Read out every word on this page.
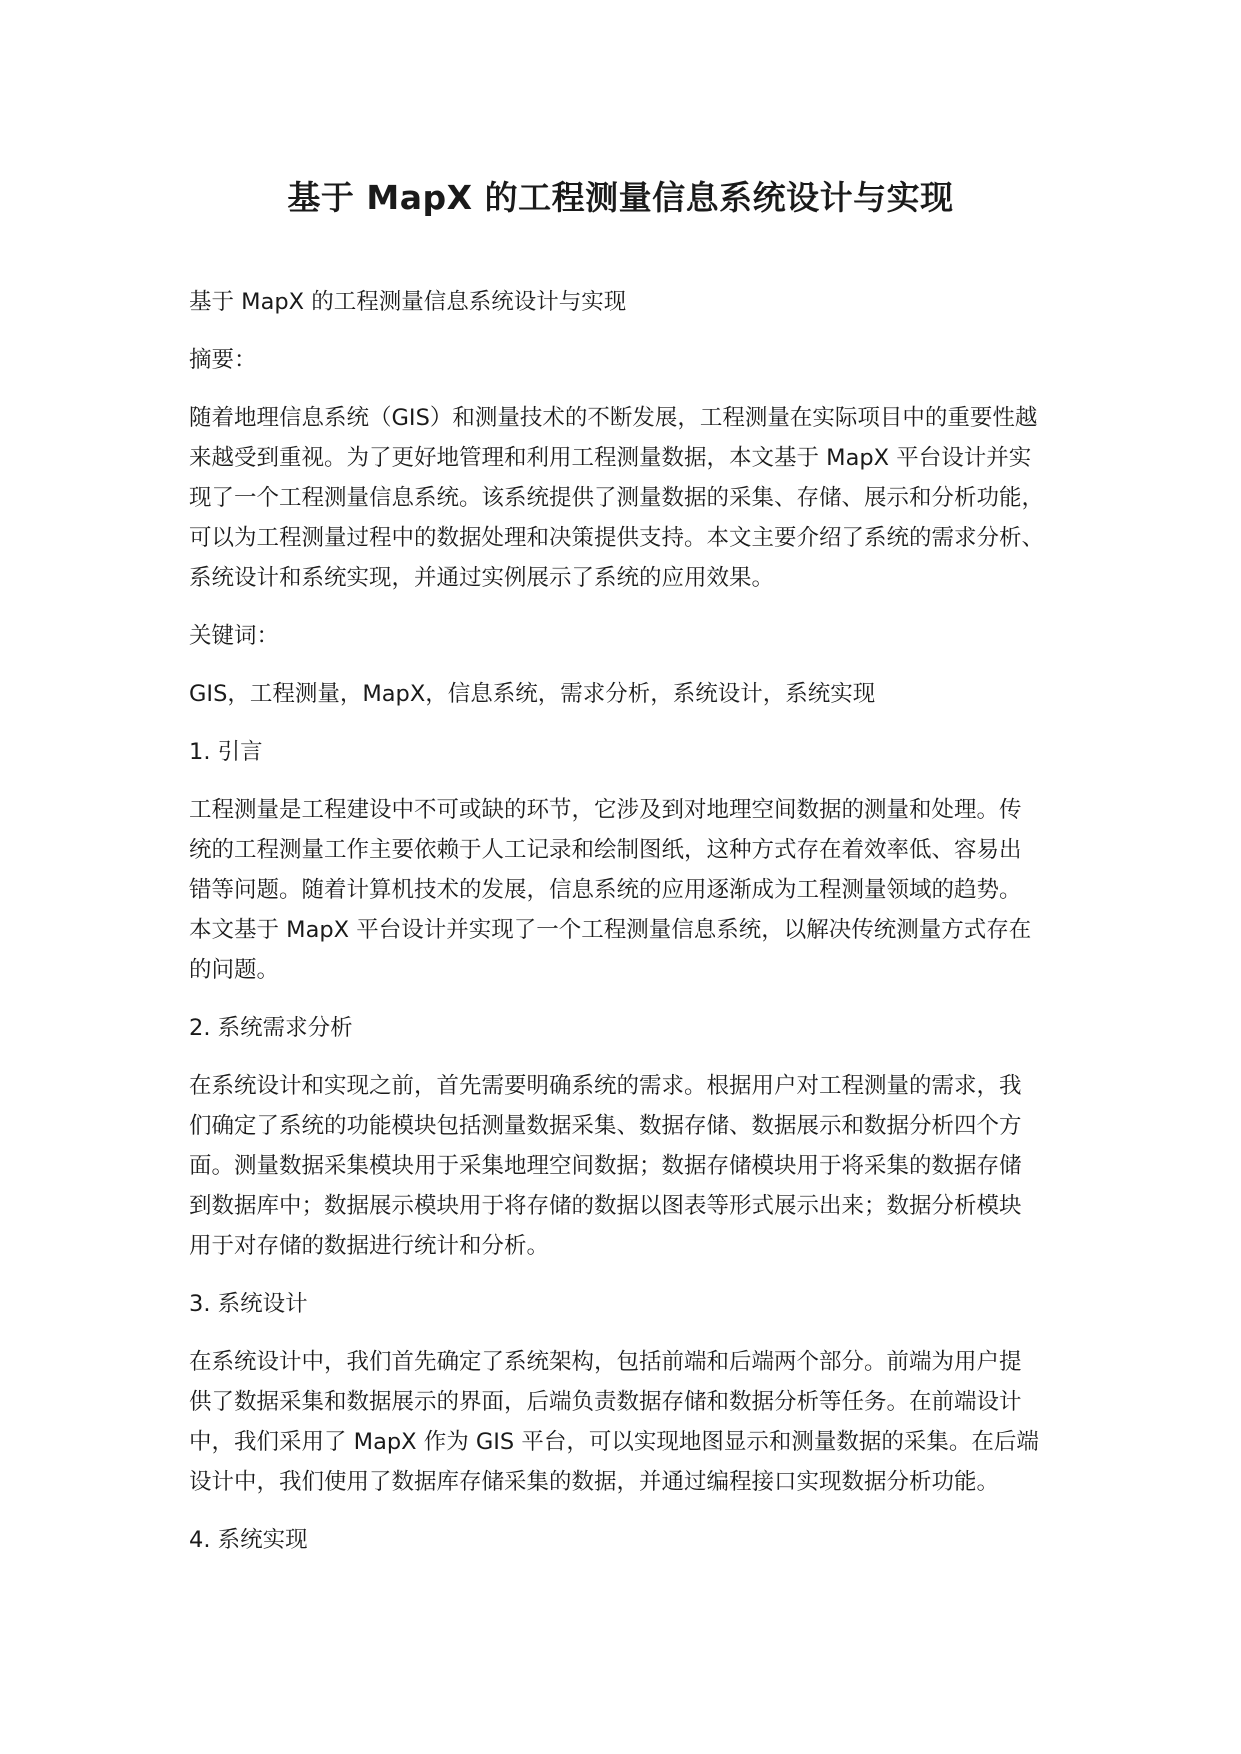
基于 MapX 的工程测量信息系统设计与实现

基于 MapX 的工程测量信息系统设计与实现

摘要：

随着地理信息系统（GIS）和测量技术的不断发展，工程测量在实际项目中的重要性越
来越受到重视。为了更好地管理和利用工程测量数据，本文基于 MapX 平台设计并实
现了一个工程测量信息系统。该系统提供了测量数据的采集、存储、展示和分析功能，
可以为工程测量过程中的数据处理和决策提供支持。本文主要介绍了系统的需求分析、
系统设计和系统实现，并通过实例展示了系统的应用效果。

关键词：

GIS，工程测量，MapX，信息系统，需求分析，系统设计，系统实现

1. 引言

工程测量是工程建设中不可或缺的环节，它涉及到对地理空间数据的测量和处理。传
统的工程测量工作主要依赖于人工记录和绘制图纸，这种方式存在着效率低、容易出
错等问题。随着计算机技术的发展，信息系统的应用逐渐成为工程测量领域的趋势。
本文基于 MapX 平台设计并实现了一个工程测量信息系统，以解决传统测量方式存在
的问题。

2. 系统需求分析

在系统设计和实现之前，首先需要明确系统的需求。根据用户对工程测量的需求，我
们确定了系统的功能模块包括测量数据采集、数据存储、数据展示和数据分析四个方
面。测量数据采集模块用于采集地理空间数据；数据存储模块用于将采集的数据存储
到数据库中；数据展示模块用于将存储的数据以图表等形式展示出来；数据分析模块
用于对存储的数据进行统计和分析。

3. 系统设计

在系统设计中，我们首先确定了系统架构，包括前端和后端两个部分。前端为用户提
供了数据采集和数据展示的界面，后端负责数据存储和数据分析等任务。在前端设计
中，我们采用了 MapX 作为 GIS 平台，可以实现地图显示和测量数据的采集。在后端
设计中，我们使用了数据库存储采集的数据，并通过编程接口实现数据分析功能。

4. 系统实现
